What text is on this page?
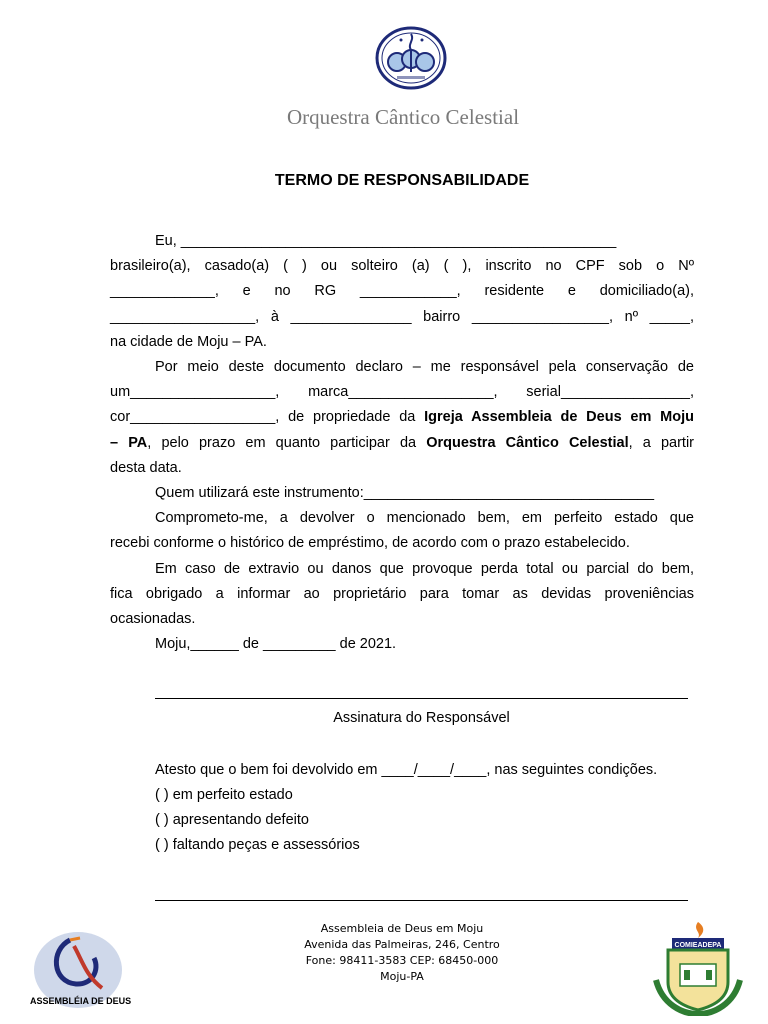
Orquestra Cântico Celestial
TERMO DE RESPONSABILIDADE
Eu, ______________________________________________________
brasileiro(a), casado(a) ( ) ou solteiro (a) ( ), inscrito no CPF sob o Nº
_____________, e no RG ____________, residente e domiciliado(a),
__________________, à _______________ bairro _________________, nº _____,
na cidade de Moju – PA.
Por meio deste documento declaro – me responsável pela conservação de
um__________________, marca__________________, serial________________,
cor__________________, de propriedade da Igreja Assembleia de Deus em Moju
– PA, pelo prazo em quanto participar da Orquestra Cântico Celestial, a partir
desta data.
Quem utilizará este instrumento:____________________________________
Comprometo-me, a devolver o mencionado bem, em perfeito estado que
recebi conforme o histórico de empréstimo, de acordo com o prazo estabelecido.
Em caso de extravio ou danos que provoque perda total ou parcial do bem,
fica obrigado a informar ao proprietário para tomar as devidas proveniências
ocasionadas.
Moju,______ de _________ de 2021.
Assinatura do Responsável
Atesto que o bem foi devolvido em ____/____/____, nas seguintes condições.
( ) em perfeito estado
( ) apresentando defeito
( ) faltando peças e assessórios
Assembleia de Deus em Moju
Avenida das Palmeiras, 246, Centro
Fone: 98411-3583 CEP: 68450-000
Moju-PA
ASSEMBLÉIA DE DEUS
COMIEADEPA
